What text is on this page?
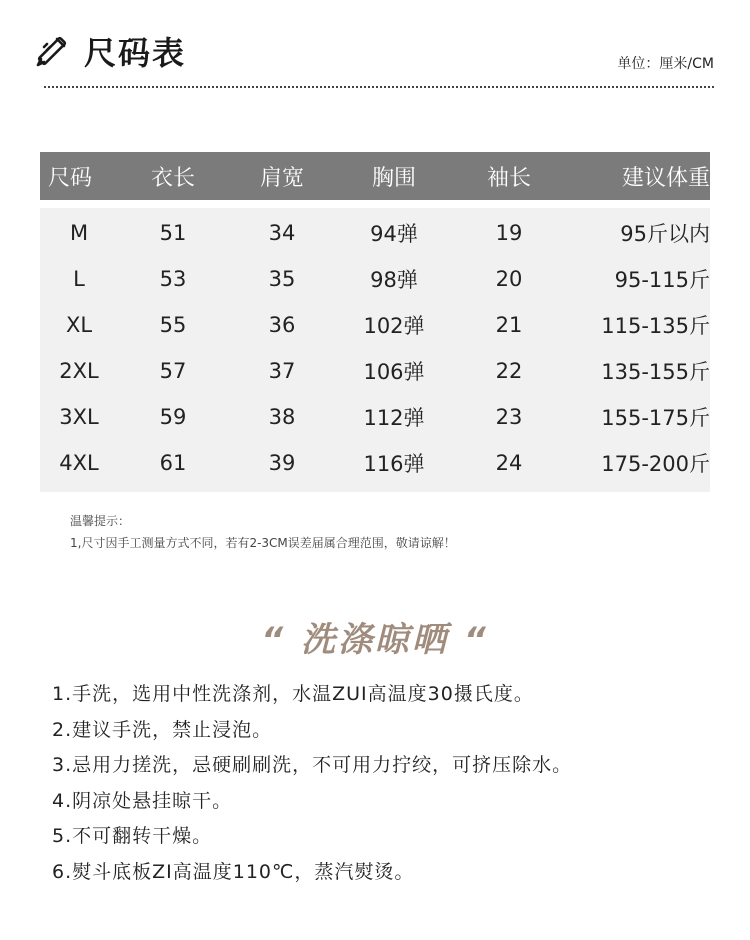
尺码表	单位：厘米/CM
尺码	衣长	肩宽	胸围	袖长	建议体重
M	51	34	94弹	19	95斤以内
L	53	35	98弹	20	95-115斤
XL	55	36	102弹	21	115-135斤
2XL	57	37	106弹	22	135-155斤
3XL	59	38	112弹	23	155-175斤
4XL	61	39	116弹	24	175-200斤
温馨提示：
1,尺寸因手工测量方式不同，若有2-3CM误差届属合理范围，敬请谅解！
“ 洗涤晾晒 “
1.手洗，选用中性洗涤剂，水温ZUI高温度30摄氏度。
2.建议手洗，禁止浸泡。
3.忌用力搓洗，忌硬刷刷洗，不可用力拧绞，可挤压除水。
4.阴凉处悬挂晾干。
5.不可翻转干燥。
6.熨斗底板ZI高温度110℃，蒸汽熨烫。
